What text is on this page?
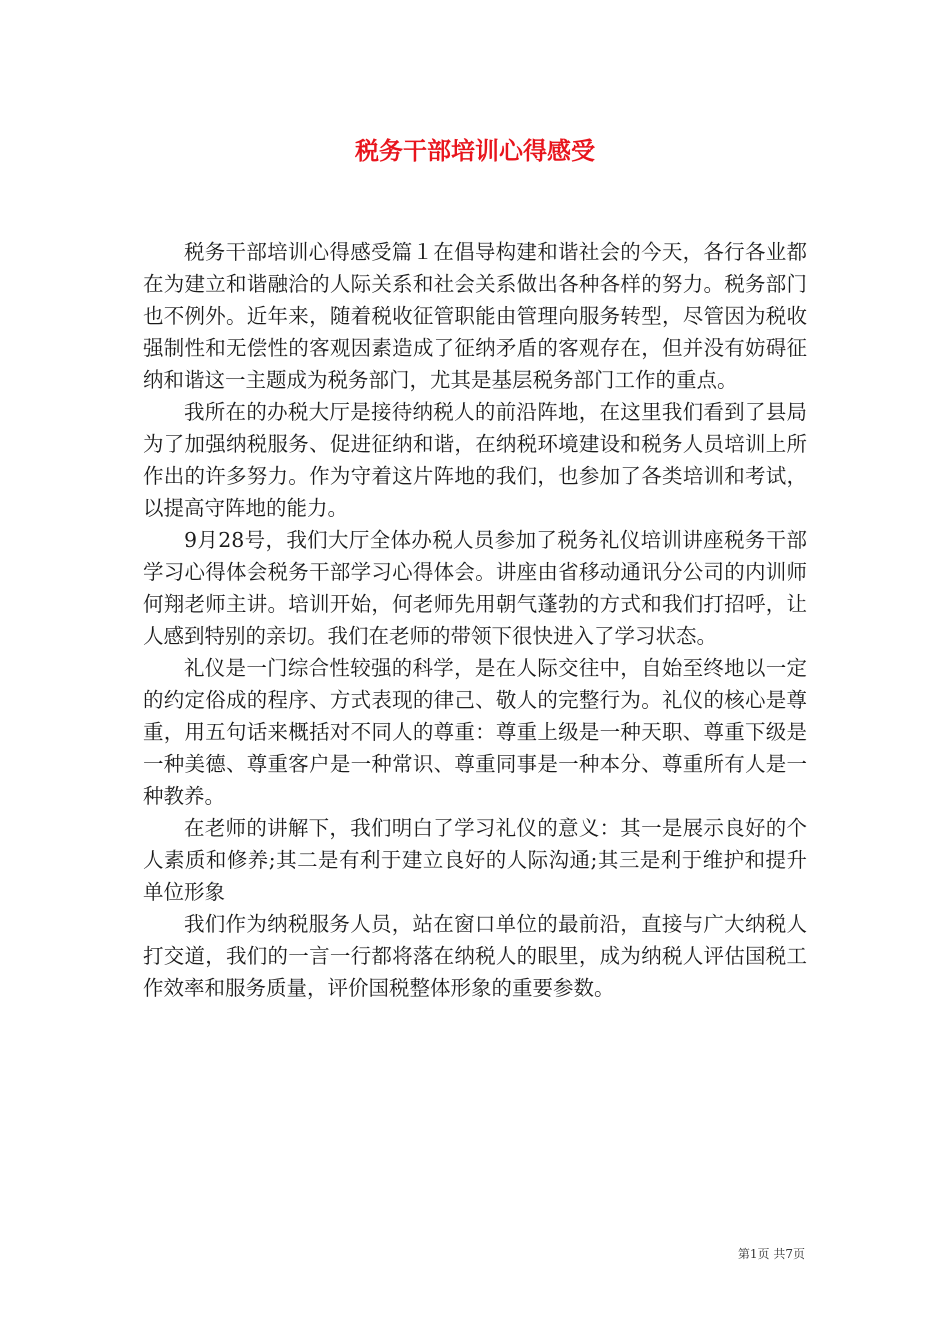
税务干部培训心得感受

税务干部培训心得感受篇１在倡导构建和谐社会的今天，各行各业都在为建立和谐融洽的人际关系和社会关系做出各种各样的努力。税务部门也不例外。近年来，随着税收征管职能由管理向服务转型，尽管因为税收强制性和无偿性的客观因素造成了征纳矛盾的客观存在，但并没有妨碍征纳和谐这一主题成为税务部门，尤其是基层税务部门工作的重点。

我所在的办税大厅是接待纳税人的前沿阵地，在这里我们看到了县局为了加强纳税服务、促进征纳和谐，在纳税环境建设和税务人员培训上所作出的许多努力。作为守着这片阵地的我们，也参加了各类培训和考试，以提高守阵地的能力。

9月28号，我们大厅全体办税人员参加了税务礼仪培训讲座税务干部学习心得体会税务干部学习心得体会。讲座由省移动通讯分公司的内训师何翔老师主讲。培训开始，何老师先用朝气蓬勃的方式和我们打招呼，让人感到特别的亲切。我们在老师的带领下很快进入了学习状态。

礼仪是一门综合性较强的科学，是在人际交往中，自始至终地以一定的约定俗成的程序、方式表现的律己、敬人的完整行为。礼仪的核心是尊重，用五句话来概括对不同人的尊重：尊重上级是一种天职、尊重下级是一种美德、尊重客户是一种常识、尊重同事是一种本分、尊重所有人是一种教养。

在老师的讲解下，我们明白了学习礼仪的意义：其一是展示良好的个人素质和修养;其二是有利于建立良好的人际沟通;其三是利于维护和提升单位形象

我们作为纳税服务人员，站在窗口单位的最前沿，直接与广大纳税人打交道，我们的一言一行都将落在纳税人的眼里，成为纳税人评估国税工作效率和服务质量，评价国税整体形象的重要参数。

第1页 共7页
